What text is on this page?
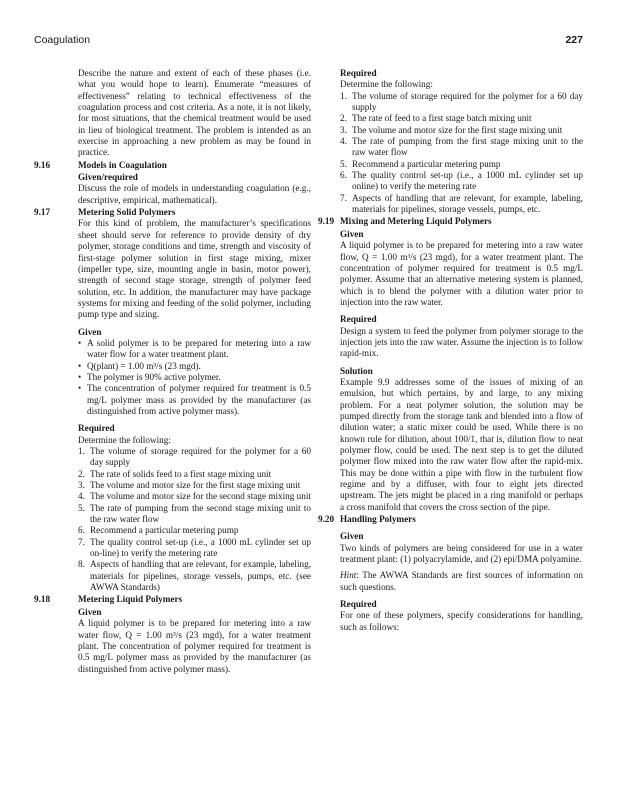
Coagulation	227

Describe the nature and extent of each of these phases (i.e. what you would hope to learn). Enumerate “measures of effectiveness” relating to technical effectiveness of the coagulation process and cost criteria. As a note, it is not likely, for most situations, that the chemical treatment would be used in lieu of biological treatment. The problem is intended as an exercise in approaching a new problem as may be found in practice.

9.16	Models in Coagulation
Given/required

Discuss the role of models in understanding coagulation (e.g., descriptive, empirical, mathematical).

9.17	Metering Solid Polymers

For this kind of problem, the manufacturer’s specifications sheet should serve for reference to provide density of dry polymer, storage conditions and time, strength and viscosity of first-stage polymer solution in first stage mixing, mixer (impeller type, size, mounting angle in basin, motor power), strength of second stage storage, strength of polymer feed solution, etc. In addition, the manufacturer may have package systems for mixing and feeding of the solid polymer, including pump type and sizing.

Given
• A solid polymer is to be prepared for metering into a raw water flow for a water treatment plant.
• Q(plant) = 1.00 m³/s (23 mgd).
• The polymer is 90% active polymer.
• The concentration of polymer required for treatment is 0.5 mg/L polymer mass as provided by the manufacturer (as distinguished from active polymer mass).
Required

Determine the following:

1. The volume of storage required for the polymer for a 60 day supply
2. The rate of solids feed to a first stage mixing unit
3. The volume and motor size for the first stage mixing unit
4. The volume and motor size for the second stage mixing unit
5. The rate of pumping from the second stage mixing unit to the raw water flow
6. Recommend a particular metering pump
7. The quality control set-up (i.e., a 1000 mL cylinder set up on-line) to verify the metering rate
8. Aspects of handling that are relevant, for example, labeling, materials for pipelines, storage vessels, pumps, etc. (see AWWA Standards)
9.18	Metering Liquid Polymers
Given

A liquid polymer is to be prepared for metering into a raw water flow, Q = 1.00 m³/s (23 mgd), for a water treatment plant. The concentration of polymer required for treatment is 0.5 mg/L polymer mass as provided by the manufacturer (as distinguished from active polymer mass).

Required

Determine the following:

1. The volume of storage required for the polymer for a 60 day supply
2. The rate of feed to a first stage batch mixing unit
3. The volume and motor size for the first stage mixing unit
4. The rate of pumping from the first stage mixing unit to the raw water flow
5. Recommend a particular metering pump
6. The quality control set-up (i.e., a 1000 mL cylinder set up online) to verify the metering rate
7. Aspects of handling that are relevant, for example, labeling, materials for pipelines, storage vessels, pumps, etc.
9.19 Mixing and Metering Liquid Polymers
Given

A liquid polymer is to be prepared for metering into a raw water flow, Q = 1.00 m³/s (23 mgd), for a water treatment plant. The concentration of polymer required for treatment is 0.5 mg/L polymer. Assume that an alternative metering system is planned, which is to blend the polymer with a dilution water prior to injection into the raw water.

Required

Design a system to feed the polymer from polymer storage to the injection jets into the raw water. Assume the injection is to follow rapid-mix.

Solution

Example 9.9 addresses some of the issues of mixing of an emulsion, but which pertains, by and large, to any mixing problem. For a neat polymer solution, the solution may be pumped directly from the storage tank and blended into a flow of dilution water; a static mixer could be used. While there is no known rule for dilution, about 100/1, that is, dilution flow to neat polymer flow, could be used. The next step is to get the diluted polymer flow mixed into the raw water flow after the rapid-mix. This may be done within a pipe with flow in the turbulent flow regime and by a diffuser, with four to eight jets directed upstream. The jets might be placed in a ring manifold or perhaps a cross manifold that covers the cross section of the pipe.

9.20 Handling Polymers
Given

Two kinds of polymers are being considered for use in a water treatment plant: (1) polyacrylamide, and (2) epi/DMA polyamine.

Hint: The AWWA Standards are first sources of information on such questions.

Required

For one of these polymers, specify considerations for handling, such as follows:
